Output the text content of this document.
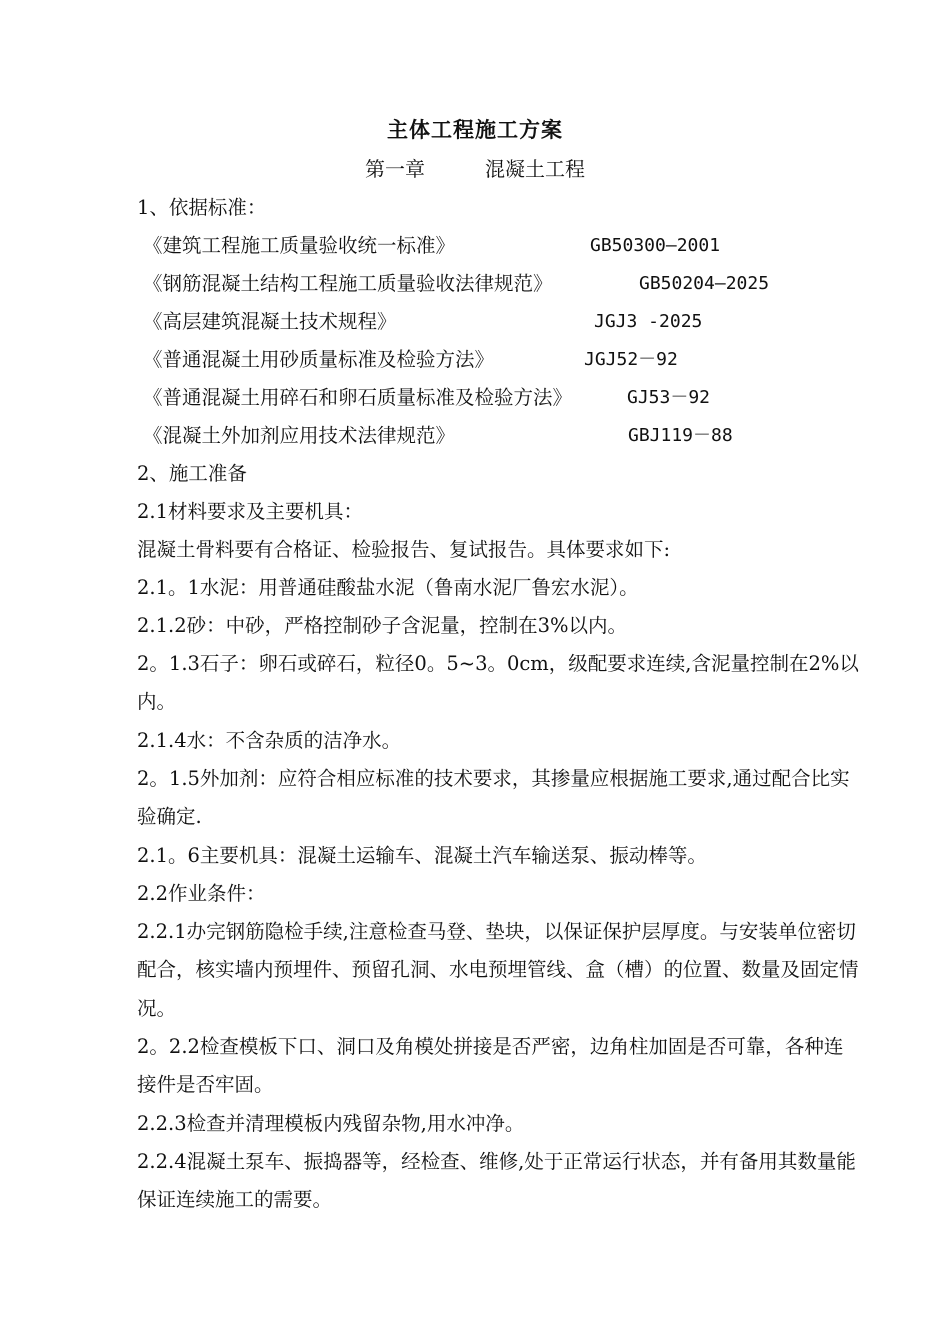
主体工程施工方案
第一章	混凝土工程
1、依据标准：
《建筑工程施工质量验收统一标准》	GB50300—2001
《钢筋混凝土结构工程施工质量验收法律规范》	GB50204—2025
《高层建筑混凝土技术规程》	JGJ3 -2025
《普通混凝土用砂质量标准及检验方法》	JGJ52－92
《普通混凝土用碎石和卵石质量标准及检验方法》	GJ53－92
《混凝土外加剂应用技术法律规范》	GBJ119－88
2、施工准备
2.1材料要求及主要机具：
混凝土骨料要有合格证、检验报告、复试报告。具体要求如下:
2.1。1水泥：用普通硅酸盐水泥（鲁南水泥厂鲁宏水泥）。
2.1.2砂：中砂，严格控制砂子含泥量，控制在3%以内。
2。1.3石子：卵石或碎石，粒径0。5~3。0cm，级配要求连续,含泥量控制在2%以内。
2.1.4水：不含杂质的洁净水。
2。1.5外加剂：应符合相应标准的技术要求，其掺量应根据施工要求,通过配合比实验确定.
2.1。6主要机具：混凝土运输车、混凝土汽车输送泵、振动棒等。
2.2作业条件：
2.2.1办完钢筋隐检手续,注意检查马登、垫块，以保证保护层厚度。与安装单位密切配合，核实墙内预埋件、预留孔洞、水电预埋管线、盒（槽）的位置、数量及固定情况。
2。2.2检查模板下口、洞口及角模处拼接是否严密，边角柱加固是否可靠，各种连接件是否牢固。
2.2.3检查并清理模板内残留杂物,用水冲净。
2.2.4混凝土泵车、振捣器等，经检查、维修,处于正常运行状态，并有备用其数量能保证连续施工的需要。
